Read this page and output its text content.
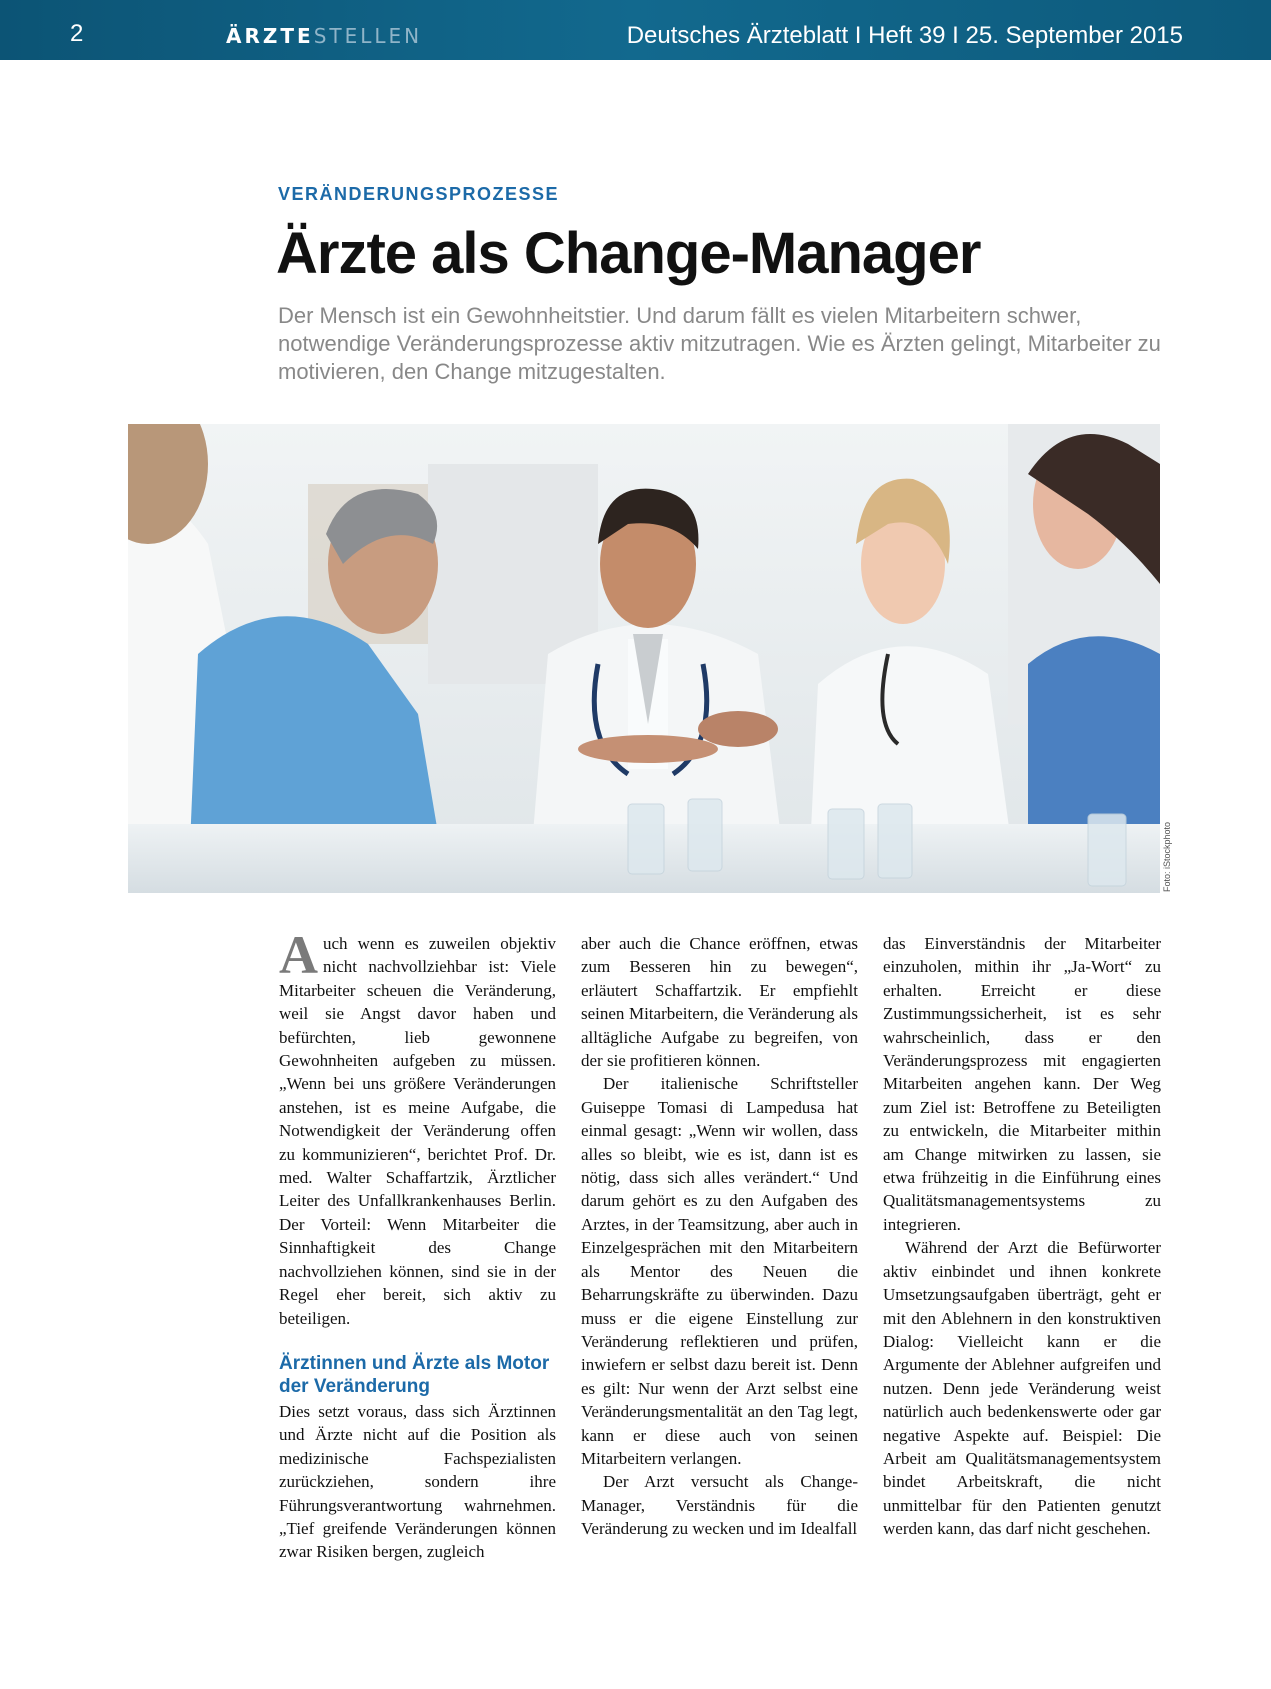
2	ÄRZTESTELLEN	Deutsches Ärzteblatt I Heft 39 I 25. September 2015
VERÄNDERUNGSPROZESSE
Ärzte als Change-Manager

Der Mensch ist ein Gewohnheitstier. Und darum fällt es vielen Mitarbeitern schwer, notwendige Veränderungsprozesse aktiv mitzutragen. Wie es Ärzten gelingt, Mitarbeiter zu motivieren, den Change mitzugestalten.

Foto: iStockphoto

Auch wenn es zuweilen objektiv nicht nachvollziehbar ist: Viele Mitarbeiter scheuen die Veränderung, weil sie Angst davor haben und befürchten, lieb gewonnene Gewohnheiten aufgeben zu müssen. „Wenn bei uns größere Veränderungen anstehen, ist es meine Aufgabe, die Notwendigkeit der Veränderung offen zu kommunizieren“, berichtet Prof. Dr. med. Walter Schaffartzik, Ärztlicher Leiter des Unfallkrankenhauses Berlin. Der Vorteil: Wenn Mitarbeiter die Sinnhaftigkeit des Change nachvollziehen können, sind sie in der Regel eher bereit, sich aktiv zu beteiligen.

Ärztinnen und Ärzte als Motor der Veränderung

Dies setzt voraus, dass sich Ärztinnen und Ärzte nicht auf die Position als medizinische Fachspezialisten zurückziehen, sondern ihre Führungsverantwortung wahrnehmen. „Tief greifende Veränderungen können zwar Risiken bergen, zugleich

aber auch die Chance eröffnen, etwas zum Besseren hin zu bewegen“, erläutert Schaffartzik. Er empfiehlt seinen Mitarbeitern, die Veränderung als alltägliche Aufgabe zu begreifen, von der sie profitieren können.

Der italienische Schriftsteller Guiseppe Tomasi di Lampedusa hat einmal gesagt: „Wenn wir wollen, dass alles so bleibt, wie es ist, dann ist es nötig, dass sich alles verändert.“ Und darum gehört es zu den Aufgaben des Arztes, in der Teamsitzung, aber auch in Einzelgesprächen mit den Mitarbeitern als Mentor des Neuen die Beharrungskräfte zu überwinden. Dazu muss er die eigene Einstellung zur Veränderung reflektieren und prüfen, inwiefern er selbst dazu bereit ist. Denn es gilt: Nur wenn der Arzt selbst eine Veränderungsmentalität an den Tag legt, kann er diese auch von seinen Mitarbeitern verlangen.

Der Arzt versucht als Change-Manager, Verständnis für die Veränderung zu wecken und im Idealfall

das Einverständnis der Mitarbeiter einzuholen, mithin ihr „Ja-Wort“ zu erhalten. Erreicht er diese Zustimmungssicherheit, ist es sehr wahrscheinlich, dass er den Veränderungsprozess mit engagierten Mitarbeiten angehen kann. Der Weg zum Ziel ist: Betroffene zu Beteiligten zu entwickeln, die Mitarbeiter mithin am Change mitwirken zu lassen, sie etwa frühzeitig in die Einführung eines Qualitätsmanagementsystems zu integrieren.

Während der Arzt die Befürworter aktiv einbindet und ihnen konkrete Umsetzungsaufgaben überträgt, geht er mit den Ablehnern in den konstruktiven Dialog: Vielleicht kann er die Argumente der Ablehner aufgreifen und nutzen. Denn jede Veränderung weist natürlich auch bedenkenswerte oder gar negative Aspekte auf. Beispiel: Die Arbeit am Qualitätsmanagementsystem bindet Arbeitskraft, die nicht unmittelbar für den Patienten genutzt werden kann, das darf nicht geschehen.
